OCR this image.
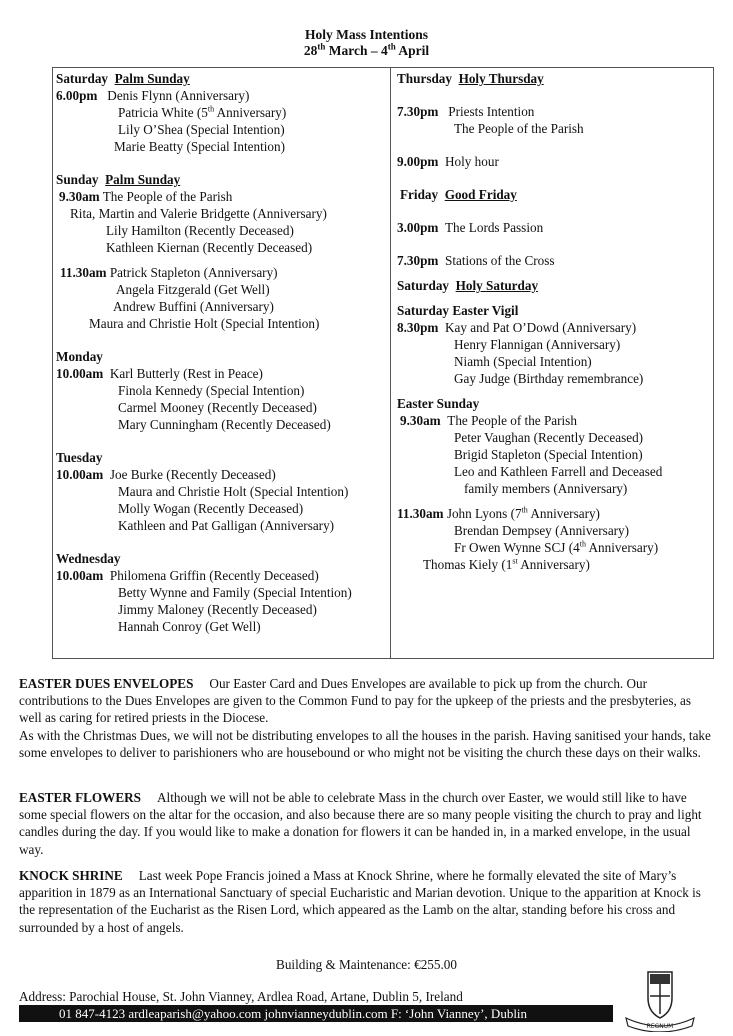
Holy Mass Intentions
28th March – 4th April
Saturday Palm Sunday
6.00pm Denis Flynn (Anniversary)
Patricia White (5th Anniversary)
Lily O’Shea (Special Intention)
Marie Beatty (Special Intention)
Sunday Palm Sunday
9.30am The People of the Parish
Rita, Martin and Valerie Bridgette (Anniversary)
Lily Hamilton (Recently Deceased)
Kathleen Kiernan (Recently Deceased)
11.30am Patrick Stapleton (Anniversary)
Angela Fitzgerald (Get Well)
Andrew Buffini (Anniversary)
Maura and Christie Holt (Special Intention)
Monday
10.00am Karl Butterly (Rest in Peace)
Finola Kennedy (Special Intention)
Carmel Mooney (Recently Deceased)
Mary Cunningham (Recently Deceased)
Tuesday
10.00am Joe Burke (Recently Deceased)
Maura and Christie Holt (Special Intention)
Molly Wogan (Recently Deceased)
Kathleen and Pat Galligan (Anniversary)
Wednesday
10.00am Philomena Griffin (Recently Deceased)
Betty Wynne and Family (Special Intention)
Jimmy Maloney (Recently Deceased)
Hannah Conroy (Get Well)
Thursday Holy Thursday
7.30pm Priests Intention
The People of the Parish
9.00pm Holy hour
Friday Good Friday
3.00pm The Lords Passion
7.30pm Stations of the Cross
Saturday Holy Saturday
Saturday Easter Vigil
8.30pm Kay and Pat O’Dowd (Anniversary)
Henry Flannigan (Anniversary)
Niamh (Special Intention)
Gay Judge (Birthday remembrance)
Easter Sunday
9.30am The People of the Parish
Peter Vaughan (Recently Deceased)
Brigid Stapleton (Special Intention)
Leo and Kathleen Farrell and Deceased
family members (Anniversary)
11.30am John Lyons (7th Anniversary)
Brendan Dempsey (Anniversary)
Fr Owen Wynne SCJ (4th Anniversary)
Thomas Kiely (1st Anniversary)
EASTER DUES ENVELOPES Our Easter Card and Dues Envelopes are available to pick up from the church. Our contributions to the Dues Envelopes are given to the Common Fund to pay for the upkeep of the priests and the presbyteries, as well as caring for retired priests in the Diocese.
As with the Christmas Dues, we will not be distributing envelopes to all the houses in the parish. Having sanitised your hands, take some envelopes to deliver to parishioners who are housebound or who might not be visiting the church these days on their walks.
EASTER FLOWERS Although we will not be able to celebrate Mass in the church over Easter, we would still like to have some special flowers on the altar for the occasion, and also because there are so many people visiting the church to pray and light candles during the day. If you would like to make a donation for flowers it can be handed in, in a marked envelope, in the usual way.
KNOCK SHRINE Last week Pope Francis joined a Mass at Knock Shrine, where he formally elevated the site of Mary’s apparition in 1879 as an International Sanctuary of special Eucharistic and Marian devotion. Unique to the apparition at Knock is the representation of the Eucharist as the Risen Lord, which appeared as the Lamb on the altar, standing before his cross and surrounded by a host of angels.
Building & Maintenance: €255.00
Address: Parochial House, St. John Vianney, Ardlea Road, Artane, Dublin 5, Ireland
01 847-4123 ardleaparish@yahoo.com johnvianneydublin.com F: ‘John Vianney’, Dublin
REGNUM
